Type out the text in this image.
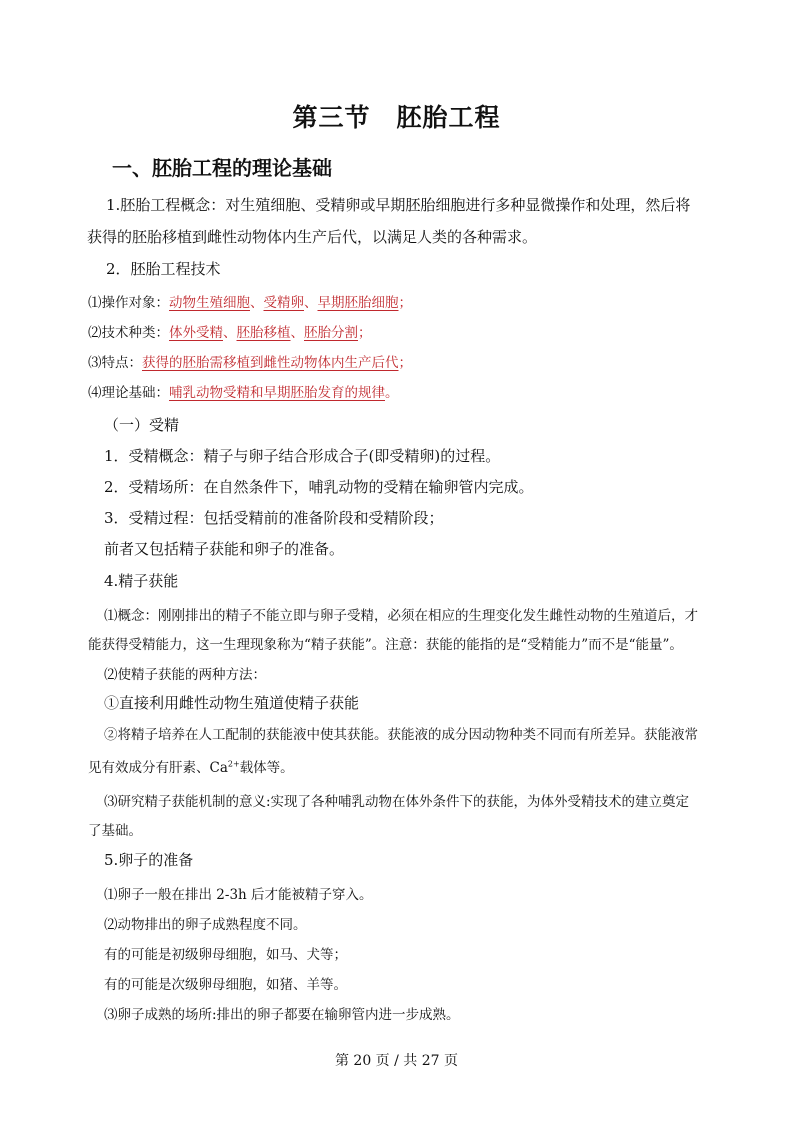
第三节　胚胎工程
一、胚胎工程的理论基础
1.胚胎工程概念：对生殖细胞、受精卵或早期胚胎细胞进行多种显微操作和处理，然后将
获得的胚胎移植到雌性动物体内生产后代，以满足人类的各种需求。
2．胚胎工程技术
⑴操作对象：动物生殖细胞、受精卵、早期胚胎细胞；
⑵技术种类：体外受精、胚胎移植、胚胎分割；
⑶特点：获得的胚胎需移植到雌性动物体内生产后代；
⑷理论基础：哺乳动物受精和早期胚胎发育的规律。
（一）受精
1．受精概念：精子与卵子结合形成合子(即受精卵)的过程。
2．受精场所：在自然条件下，哺乳动物的受精在输卵管内完成。
3．受精过程：包括受精前的准备阶段和受精阶段；
前者又包括精子获能和卵子的准备。
4.精子获能
⑴概念：刚刚排出的精子不能立即与卵子受精，必须在相应的生理变化发生雌性动物的生殖道后，才
能获得受精能力，这一生理现象称为“精子获能”。注意：获能的能指的是“受精能力”而不是“能量”。
⑵使精子获能的两种方法：
①直接利用雌性动物生殖道使精子获能
②将精子培养在人工配制的获能液中使其获能。获能液的成分因动物种类不同而有所差异。获能液常
见有效成分有肝素、$Ca^{2+}$载体等。
⑶研究精子获能机制的意义:实现了各种哺乳动物在体外条件下的获能，为体外受精技术的建立奠定
了基础。
5.卵子的准备
⑴卵子一般在排出 2-3h 后才能被精子穿入。
⑵动物排出的卵子成熟程度不同。
有的可能是初级卵母细胞，如马、犬等；
有的可能是次级卵母细胞，如猪、羊等。
⑶卵子成熟的场所:排出的卵子都要在输卵管内进一步成熟。
第 20 页 / 共 27 页
